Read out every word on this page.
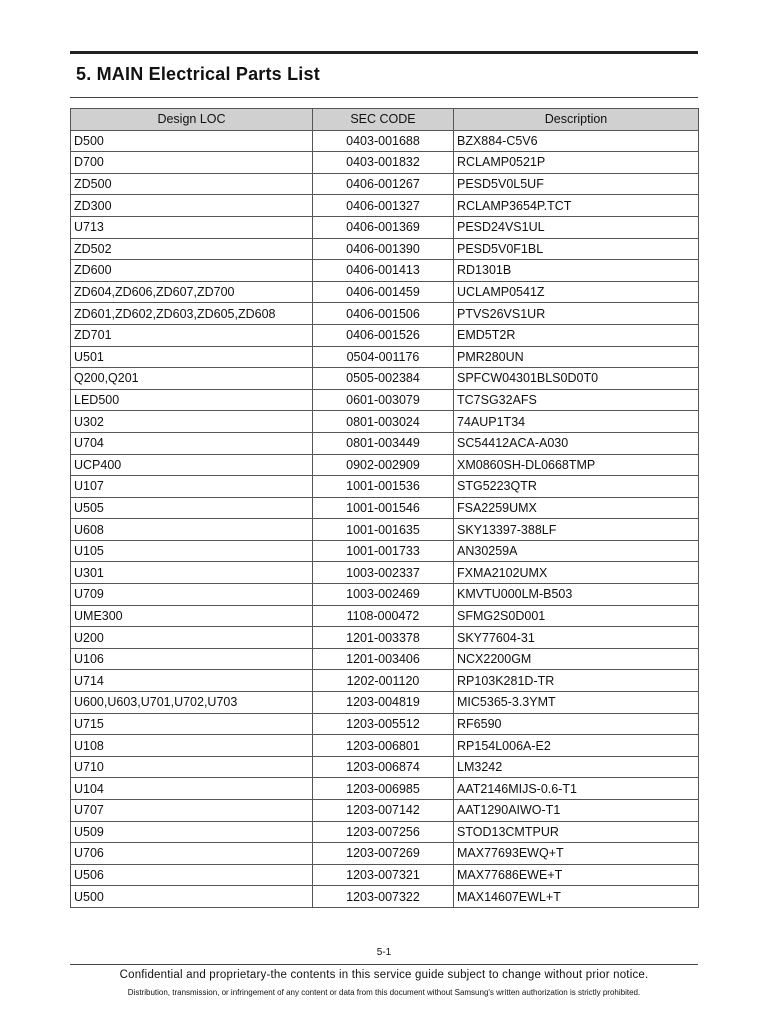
5. MAIN Electrical Parts List
Design LOC	SEC CODE	Description
D500	0403-001688	BZX884-C5V6
D700	0403-001832	RCLAMP0521P
ZD500	0406-001267	PESD5V0L5UF
ZD300	0406-001327	RCLAMP3654P.TCT
U713	0406-001369	PESD24VS1UL
ZD502	0406-001390	PESD5V0F1BL
ZD600	0406-001413	RD1301B
ZD604,ZD606,ZD607,ZD700	0406-001459	UCLAMP0541Z
ZD601,ZD602,ZD603,ZD605,ZD608	0406-001506	PTVS26VS1UR
ZD701	0406-001526	EMD5T2R
U501	0504-001176	PMR280UN
Q200,Q201	0505-002384	SPFCW04301BLS0D0T0
LED500	0601-003079	TC7SG32AFS
U302	0801-003024	74AUP1T34
U704	0801-003449	SC54412ACA-A030
UCP400	0902-002909	XM0860SH-DL0668TMP
U107	1001-001536	STG5223QTR
U505	1001-001546	FSA2259UMX
U608	1001-001635	SKY13397-388LF
U105	1001-001733	AN30259A
U301	1003-002337	FXMA2102UMX
U709	1003-002469	KMVTU000LM-B503
UME300	1108-000472	SFMG2S0D001
U200	1201-003378	SKY77604-31
U106	1201-003406	NCX2200GM
U714	1202-001120	RP103K281D-TR
U600,U603,U701,U702,U703	1203-004819	MIC5365-3.3YMT
U715	1203-005512	RF6590
U108	1203-006801	RP154L006A-E2
U710	1203-006874	LM3242
U104	1203-006985	AAT2146MIJS-0.6-T1
U707	1203-007142	AAT1290AIWO-T1
U509	1203-007256	STOD13CMTPUR
U706	1203-007269	MAX77693EWQ+T
U506	1203-007321	MAX77686EWE+T
U500	1203-007322	MAX14607EWL+T
5-1
Confidential and proprietary-the contents in this service guide subject to change without prior notice.
Distribution, transmission, or infringement of any content or data from this document without Samsung's written authorization is strictly prohibited.
